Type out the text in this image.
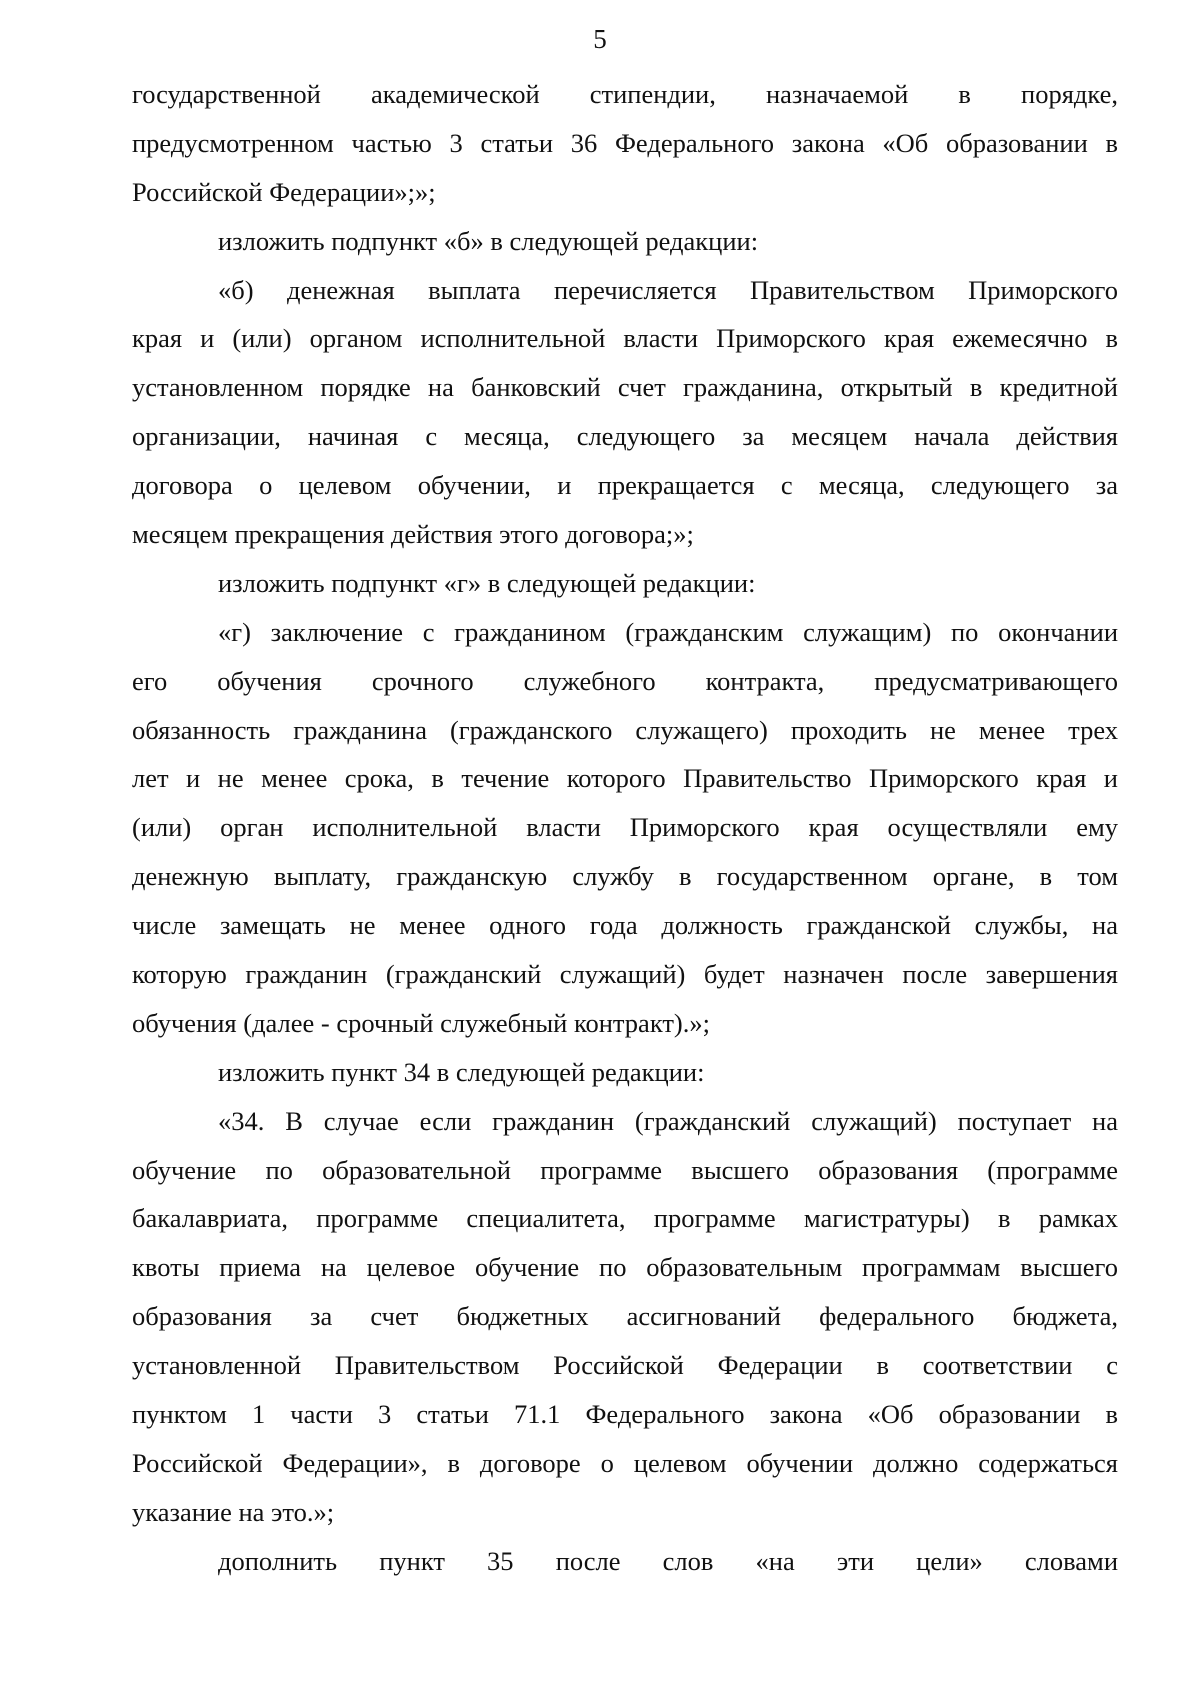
5
государственной академической стипендии, назначаемой в порядке,
предусмотренном частью 3 статьи 36 Федерального закона «Об образовании в
Российской Федерации»;»;
изложить подпункт «б» в следующей редакции:
«б) денежная выплата перечисляется Правительством Приморского
края и (или) органом исполнительной власти Приморского края ежемесячно в
установленном порядке на банковский счет гражданина, открытый в кредитной
организации, начиная с месяца, следующего за месяцем начала действия
договора о целевом обучении, и прекращается с месяца, следующего за
месяцем прекращения действия этого договора;»;
изложить подпункт «г» в следующей редакции:
«г) заключение с гражданином (гражданским служащим) по окончании
его обучения срочного служебного контракта, предусматривающего
обязанность гражданина (гражданского служащего) проходить не менее трех
лет и не менее срока, в течение которого Правительство Приморского края и
(или) орган исполнительной власти Приморского края осуществляли ему
денежную выплату, гражданскую службу в государственном органе, в том
числе замещать не менее одного года должность гражданской службы, на
которую гражданин (гражданский служащий) будет назначен после завершения
обучения (далее - срочный служебный контракт).»;
изложить пункт 34 в следующей редакции:
«34. В случае если гражданин (гражданский служащий) поступает на
обучение по образовательной программе высшего образования (программе
бакалавриата, программе специалитета, программе магистратуры) в рамках
квоты приема на целевое обучение по образовательным программам высшего
образования за счет бюджетных ассигнований федерального бюджета,
установленной Правительством Российской Федерации в соответствии с
пунктом 1 части 3 статьи 71.1 Федерального закона «Об образовании в
Российской Федерации», в договоре о целевом обучении должно содержаться
указание на это.»;
дополнить пункт 35 после слов «на эти цели» словами
